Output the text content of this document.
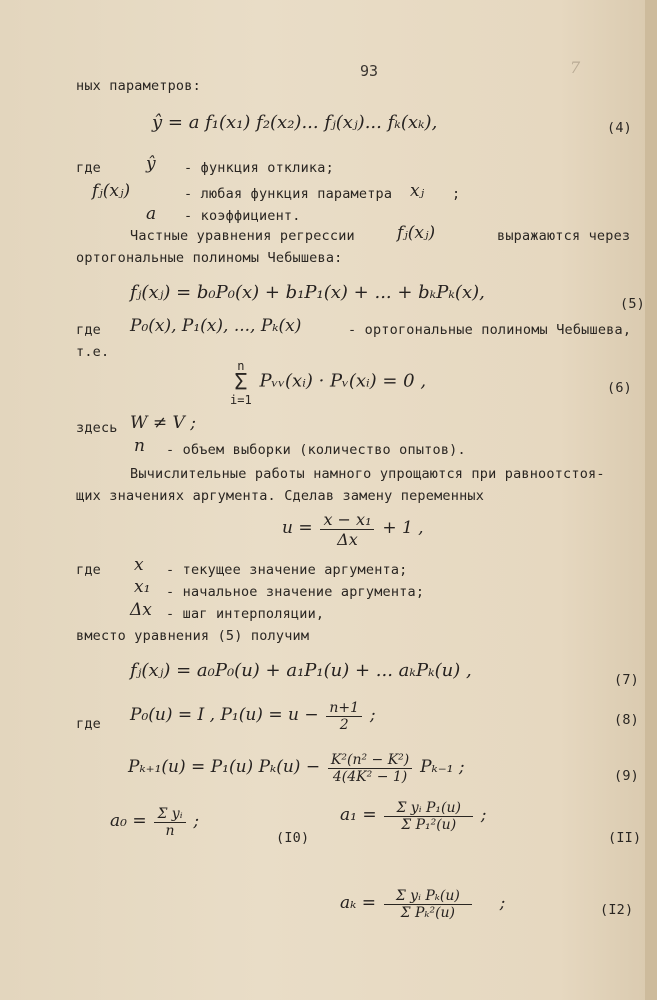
93	7
ных параметров:
ŷ = a f₁(x₁) f₂(x₂)... fⱼ(xⱼ)... fₖ(xₖ),	(4)
где	ŷ - функция отклика;
fⱼ(xⱼ)	- любая функция параметра xⱼ ;
a - коэффициент.
Частные уравнения регрессии fⱼ(xⱼ)	выражаются через
ортогональные полиномы Чебышева:
fⱼ(xⱼ) = b₀P₀(x) + b₁P₁(x) + ... + bₖPₖ(x),
(5)
где P₀(x), P₁(x), ..., Pₖ(x)	- ортогональные полиномы Чебышева,
т.е.
n
Σ
i=1 Pᵥᵥ(xᵢ) · Pᵥ(xᵢ) = 0 ,	(6)
здесь W ≠ V ;
n - объем выборки (количество опытов).
Вычислительные работы намного упрощаются при равноотстоя-
щих значениях аргумента. Сделав замену переменных
$u = \frac{\text{x − x₁}}{\Delta x} + 1$ ,
где x - текущее значение аргумента;
x₁ - начальное значение аргумента;
Δx - шаг интерполяции,
вместо уравнения (5) получим
fⱼ(xⱼ) = a₀P₀(u) + a₁P₁(u) + ... aₖPₖ(u) ,	(7)
где P₀(u) = I , $P_1(u) = u - \frac{n+1}{2}$ ;	(8)
Pₖ₊₁(u) = P₁(u) $P_k(u) - \frac{\text{K²(n² − K²)}}{\text{4(4K² − 1)}} P_{k-1}$ ;	(9)
$a_0 = \frac{\text{Σ yᵢ}}{n}$ ;
(I0)
$a_1 = \frac{\text{Σ yᵢ P₁(u)}}{\text{Σ P₁²(u)}}$ ;
(II)
$a_k = \frac{\text{Σ yᵢ Pₖ(u)}}{\text{Σ Pₖ²(u)}}$ ;	(I2)
